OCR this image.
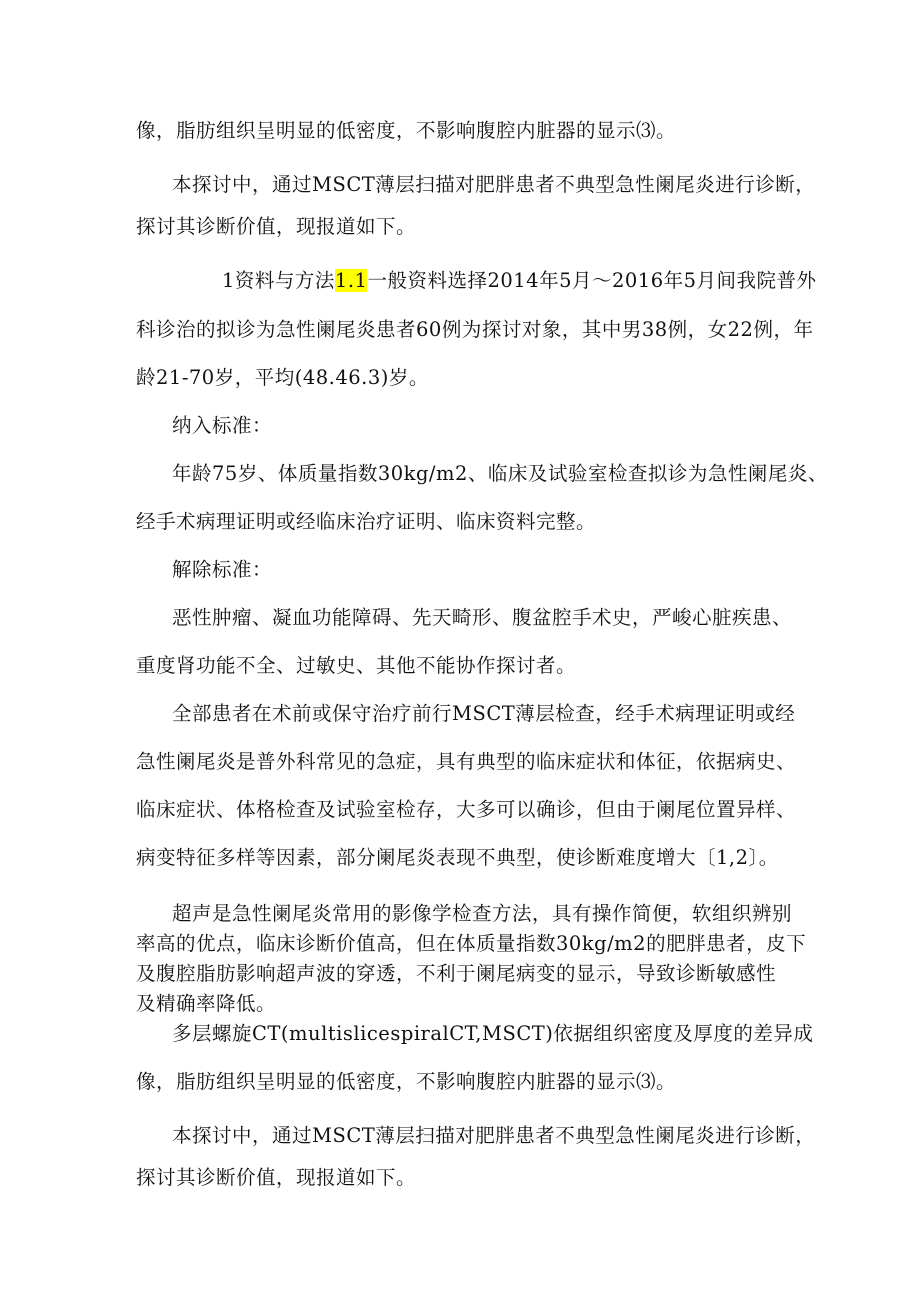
像，脂肪组织呈明显的低密度，不影响腹腔内脏器的显示⑶。
本探讨中，通过MSCT薄层扫描对肥胖患者不典型急性阑尾炎进行诊断，
探讨其诊断价值，现报道如下。
1资料与方法1.1一般资料选择2014年5月～2016年5月间我院普外
科诊治的拟诊为急性阑尾炎患者60例为探讨对象，其中男38例，女22例，年
龄21-70岁，平均(48.46.3)岁。
纳入标准：
年龄75岁、体质量指数30kg/m2、临床及试验室检查拟诊为急性阑尾炎、
经手术病理证明或经临床治疗证明、临床资料完整。
解除标准：
恶性肿瘤、凝血功能障碍、先天畸形、腹盆腔手术史，严峻心脏疾患、
重度肾功能不全、过敏史、其他不能协作探讨者。
全部患者在术前或保守治疗前行MSCT薄层检查，经手术病理证明或经
急性阑尾炎是普外科常见的急症，具有典型的临床症状和体征，依据病史、
临床症状、体格检查及试验室检存，大多可以确诊，但由于阑尾位置异样、
病变特征多样等因素，部分阑尾炎表现不典型，使诊断难度增大〔1,2〕。
超声是急性阑尾炎常用的影像学检查方法，具有操作简便，软组织辨别
率高的优点，临床诊断价值高，但在体质量指数30kg/m2的肥胖患者，皮下
及腹腔脂肪影响超声波的穿透，不利于阑尾病变的显示，导致诊断敏感性
及精确率降低。
多层螺旋CT(multislicespiralCT,MSCT)依据组织密度及厚度的差异成
像，脂肪组织呈明显的低密度，不影响腹腔内脏器的显示⑶。
本探讨中，通过MSCT薄层扫描对肥胖患者不典型急性阑尾炎进行诊断，
探讨其诊断价值，现报道如下。
